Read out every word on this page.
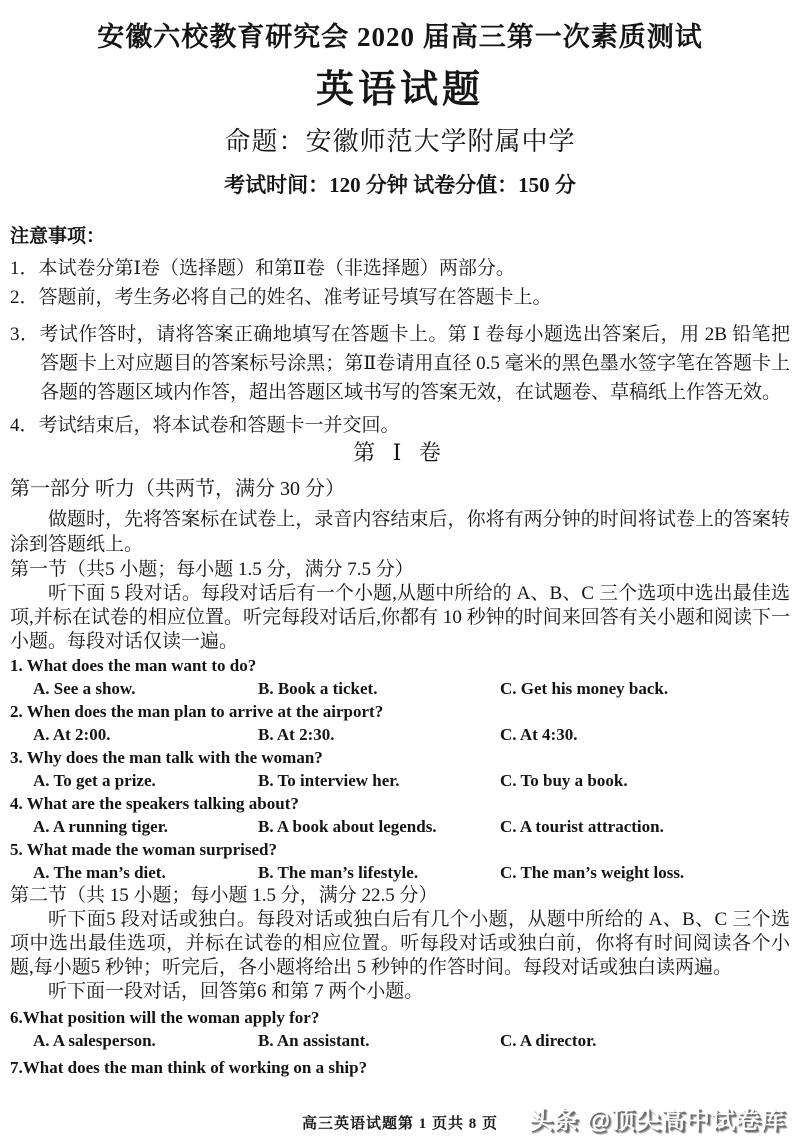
安徽六校教育研究会 2020 届高三第一次素质测试
英语试题
命题：安徽师范大学附属中学
考试时间：120 分钟 试卷分值：150 分
注意事项：
1．本试卷分第Ⅰ卷（选择题）和第Ⅱ卷（非选择题）两部分。
2．答题前，考生务必将自己的姓名、准考证号填写在答题卡上。
3．考试作答时，请将答案正确地填写在答题卡上。第 Ⅰ 卷每小题选出答案后，用 2B 铅笔把答题卡上对应题目的答案标号涂黑；第Ⅱ卷请用直径 0.5 毫米的黑色墨水签字笔在答题卡上各题的答题区域内作答，超出答题区域书写的答案无效，在试题卷、草稿纸上作答无效。
4．考试结束后，将本试卷和答题卡一并交回。
第 Ⅰ 卷
第一部分 听力（共两节，满分 30 分）
做题时，先将答案标在试卷上，录音内容结束后，你将有两分钟的时间将试卷上的答案转涂到答题纸上。
第一节（共5 小题；每小题 1.5 分，满分 7.5 分）
听下面 5 段对话。每段对话后有一个小题,从题中所给的 A、B、C 三个选项中选出最佳选项,并标在试卷的相应位置。听完每段对话后,你都有 10 秒钟的时间来回答有关小题和阅读下一小题。每段对话仅读一遍。
1. What does the man want to do?
A. See a show.	B. Book a ticket.	C. Get his money back.
2. When does the man plan to arrive at the airport?
A. At 2:00.	B. At 2:30.	C. At 4:30.
3. Why does the man talk with the woman?
A. To get a prize.	B. To interview her.	C. To buy a book.
4. What are the speakers talking about?
A. A running tiger.	B. A book about legends.	C. A tourist attraction.
5. What made the woman surprised?
A. The man’s diet.	B. The man’s lifestyle.	C. The man’s weight loss.
第二节（共 15 小题；每小题 1.5 分，满分 22.5 分）
听下面5 段对话或独白。每段对话或独白后有几个小题，从题中所给的 A、B、C 三个选项中选出最佳选项，并标在试卷的相应位置。听每段对话或独白前，你将有时间阅读各个小题,每小题5 秒钟；听完后，各小题将给出 5 秒钟的作答时间。每段对话或独白读两遍。
听下面一段对话，回答第6 和第 7 两个小题。
6.What position will the woman apply for?
A. A salesperson.	B. An assistant.	C. A director.
7.What does the man think of working on a ship?
高三英语试题第 1 页共 8 页	头条 @顶尖高中试卷库
